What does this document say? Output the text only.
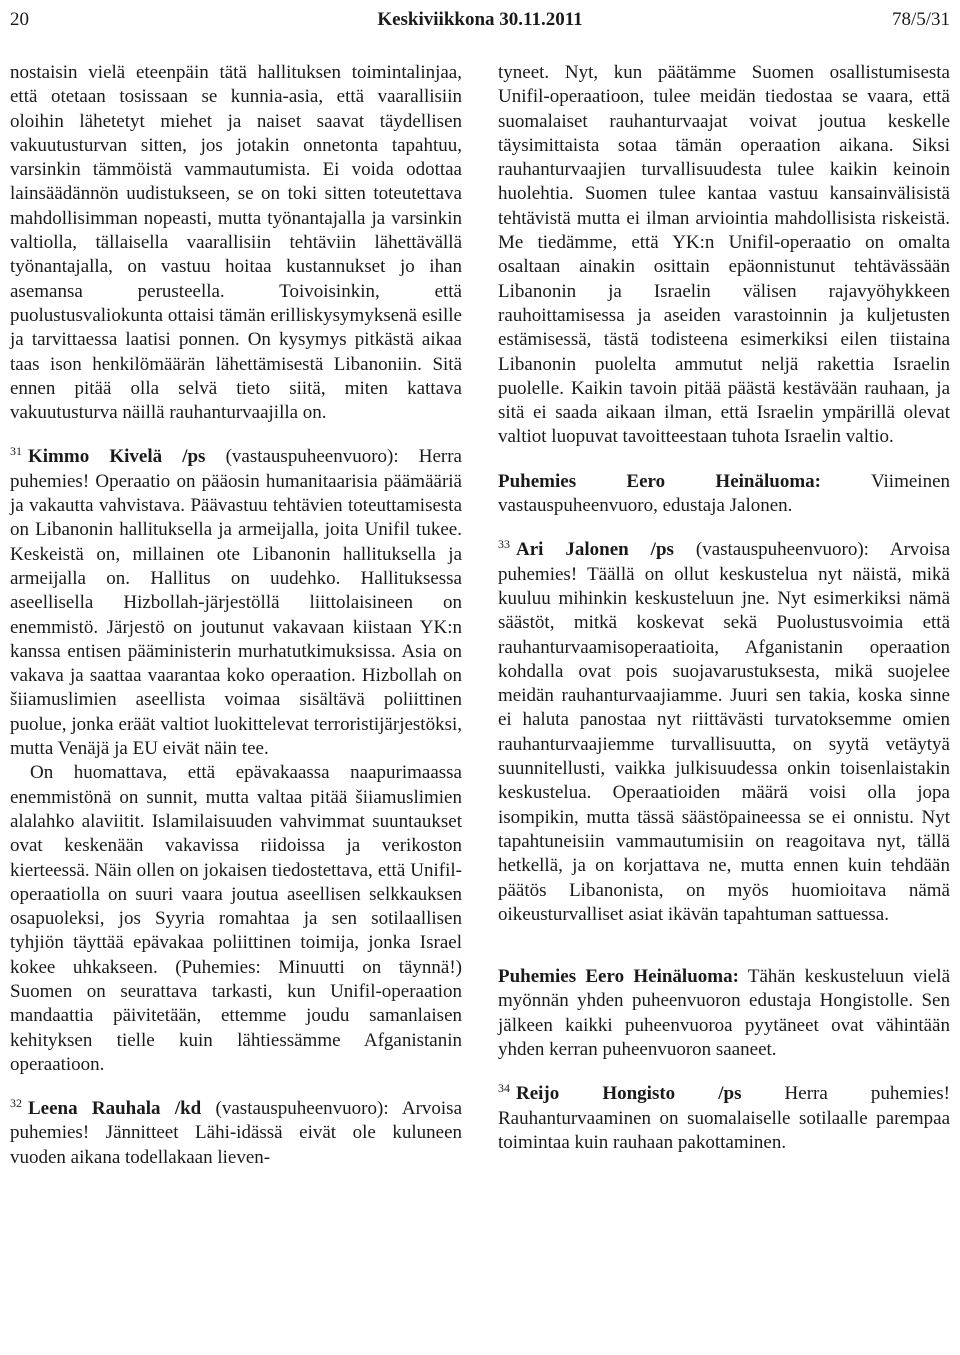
20	Keskiviikkona 30.11.2011	78/5/31

nostaisin vielä eteenpäin tätä hallituksen toimintalinjaa, että otetaan tosissaan se kunnia-asia, että vaarallisiin oloihin lähetetyt miehet ja naiset saavat täydellisen vakuutusturvan sitten, jos jotakin onnetonta tapahtuu, varsinkin tämmöistä vammautumista. Ei voida odottaa lainsäädännön uudistukseen, se on toki sitten toteutettava mahdollisimman nopeasti, mutta työnantajalla ja varsinkin valtiolla, tällaisella vaarallisiin tehtäviin lähettävällä työnantajalla, on vastuu hoitaa kustannukset jo ihan asemansa perusteella. Toivoisinkin, että puolustusvaliokunta ottaisi tämän erilliskysymyksenä esille ja tarvittaessa laatisi ponnen. On kysymys pitkästä aikaa taas ison henkilömäärän lähettämisestä Libanoniin. Sitä ennen pitää olla selvä tieto siitä, miten kattava vakuutusturva näillä rauhanturvaajilla on.

$^{31}$ Kimmo Kivelä /ps (vastauspuheenvuoro): Herra puhemies! Operaatio on pääosin humanitaarisia päämääriä ja vakautta vahvistava. Päävastuu tehtävien toteuttamisesta on Libanonin hallituksella ja armeijalla, joita Unifil tukee. Keskeistä on, millainen ote Libanonin hallituksella ja armeijalla on. Hallitus on uudehko. Hallituksessa aseellisella Hizbollah-järjestöllä liittolaisineen on enemmistö. Järjestö on joutunut vakavaan kiistaan YK:n kanssa entisen pääministerin murhatutkimuksissa. Asia on vakava ja saattaa vaarantaa koko operaation. Hizbollah on šiiamuslimien aseellista voimaa sisältävä poliittinen puolue, jonka eräät valtiot luokittelevat terroristijärjestöksi, mutta Venäjä ja EU eivät näin tee.

On huomattava, että epävakaassa naapurimaassa enemmistönä on sunnit, mutta valtaa pitää šiiamuslimien alalahko alaviitit. Islamilaisuuden vahvimmat suuntaukset ovat keskenään vakavissa riidoissa ja verikoston kierteessä. Näin ollen on jokaisen tiedostettava, että Unifil-operaatiolla on suuri vaara joutua aseellisen selkkauksen osapuoleksi, jos Syyria romahtaa ja sen sotilaallisen tyhjiön täyttää epävakaa poliittinen toimija, jonka Israel kokee uhkakseen. (Puhemies: Minuutti on täynnä!) Suomen on seurattava tarkasti, kun Unifil-operaation mandaattia päivitetään, ettemme joudu samanlaisen kehityksen tielle kuin lähtiessämme Afganistanin operaatioon.

$^{32}$ Leena Rauhala /kd (vastauspuheenvuoro): Arvoisa puhemies! Jännitteet Lähi-idässä eivät ole kuluneen vuoden aikana todellakaan lieven-

tyneet. Nyt, kun päätämme Suomen osallistumisesta Unifil-operaatioon, tulee meidän tiedostaa se vaara, että suomalaiset rauhanturvaajat voivat joutua keskelle täysimittaista sotaa tämän operaation aikana. Siksi rauhanturvaajien turvallisuudesta tulee kaikin keinoin huolehtia. Suomen tulee kantaa vastuu kansainvälisistä tehtävistä mutta ei ilman arviointia mahdollisista riskeistä. Me tiedämme, että YK:n Unifil-operaatio on omalta osaltaan ainakin osittain epäonnistunut tehtävässään Libanonin ja Israelin välisen rajavyöhykkeen rauhoittamisessa ja aseiden varastoinnin ja kuljetusten estämisessä, tästä todisteena esimerkiksi eilen tiistaina Libanonin puolelta ammutut neljä rakettia Israelin puolelle. Kaikin tavoin pitää päästä kestävään rauhaan, ja sitä ei saada aikaan ilman, että Israelin ympärillä olevat valtiot luopuvat tavoitteestaan tuhota Israelin valtio.

Puhemies Eero Heinäluoma: Viimeinen vastauspuheenvuoro, edustaja Jalonen.

$^{33}$ Ari Jalonen /ps (vastauspuheenvuoro): Arvoisa puhemies! Täällä on ollut keskustelua nyt näistä, mikä kuuluu mihinkin keskusteluun jne. Nyt esimerkiksi nämä säästöt, mitkä koskevat sekä Puolustusvoimia että rauhanturvaamisoperaatioita, Afganistanin operaation kohdalla ovat pois suojavarustuksesta, mikä suojelee meidän rauhanturvaajiamme. Juuri sen takia, koska sinne ei haluta panostaa nyt riittävästi turvatoksemme omien rauhanturvaajiemme turvallisuutta, on syytä vetäytyä suunnitellusti, vaikka julkisuudessa onkin toisenlaistakin keskustelua. Operaatioiden määrä voisi olla jopa isompikin, mutta tässä säästöpaineessa se ei onnistu. Nyt tapahtuneisiin vammautumisiin on reagoitava nyt, tällä hetkellä, ja on korjattava ne, mutta ennen kuin tehdään päätös Libanonista, on myös huomioitava nämä oikeusturvalliset asiat ikävän tapahtuman sattuessa.

Puhemies Eero Heinäluoma: Tähän keskusteluun vielä myönnän yhden puheenvuoron edustaja Hongistolle. Sen jälkeen kaikki puheenvuoroa pyytäneet ovat vähintään yhden kerran puheenvuoron saaneet.

$^{34}$ Reijo Hongisto /ps Herra puhemies! Rauhanturvaaminen on suomalaiselle sotilaalle parempaa toimintaa kuin rauhaan pakottaminen.
